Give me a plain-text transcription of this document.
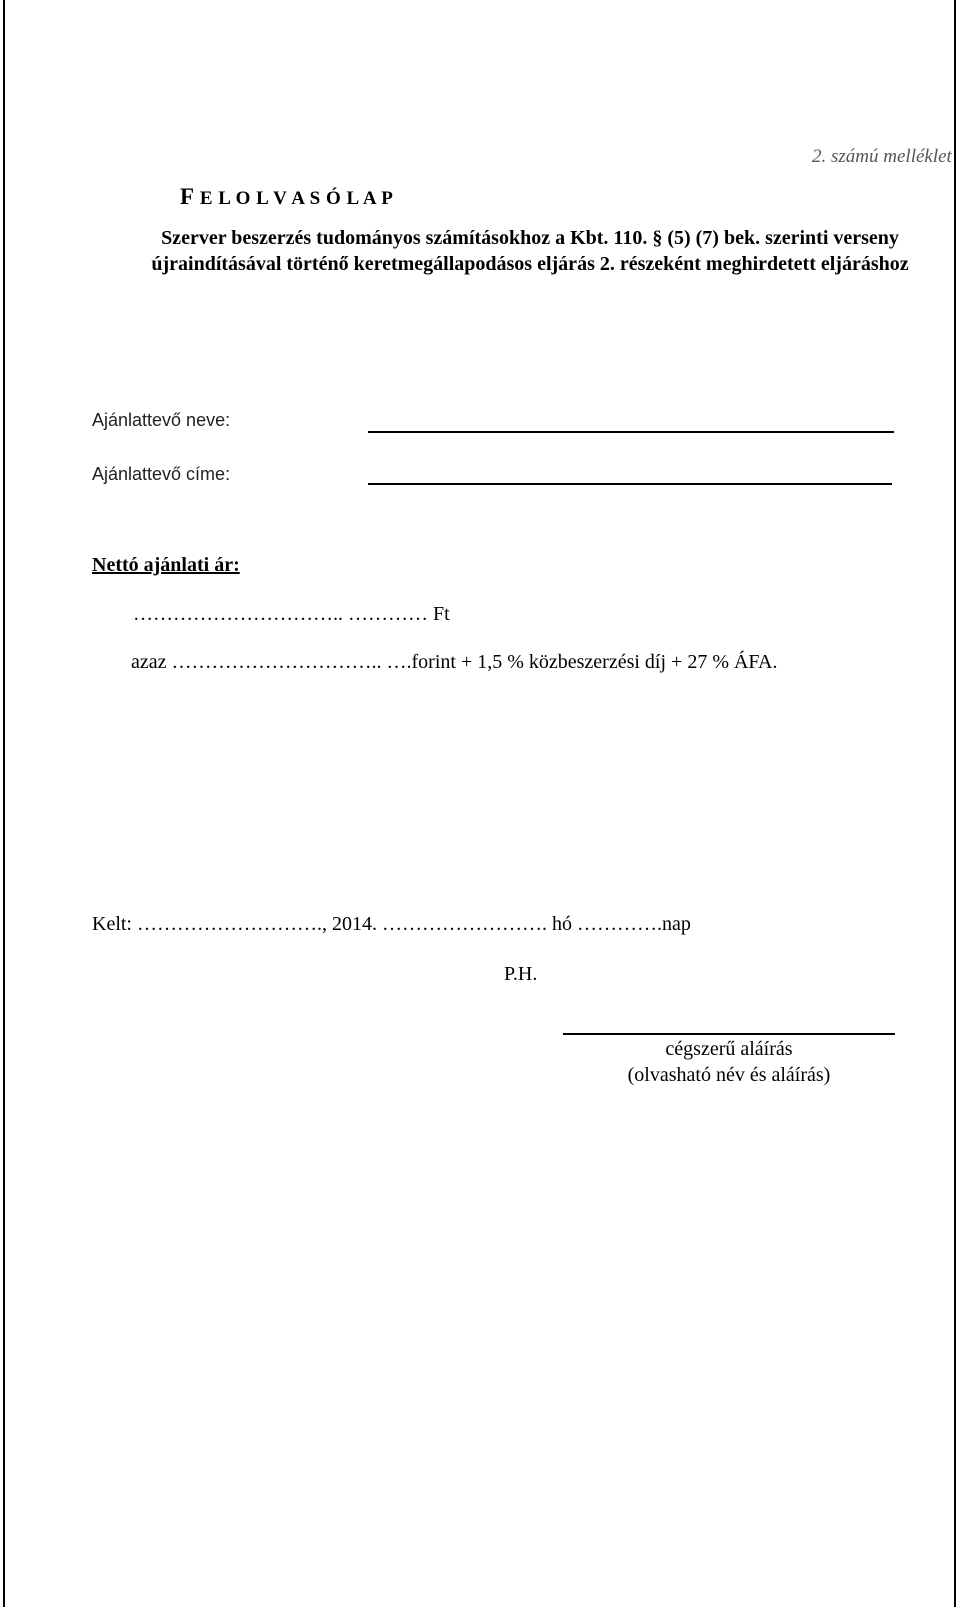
2. számú melléklet
F E L O L V A S Ó L A P
Szerver beszerzés tudományos számításokhoz a Kbt. 110. § (5) (7) bek. szerinti verseny újraindításával történő keretmegállapodásos eljárás 2. részeként meghirdetett eljáráshoz
Ajánlattevő neve:
Ajánlattevő címe:
Nettó ajánlati ár:
………………………….. ………… Ft
azaz ………………………….. ….forint + 1,5 % közbeszerzési díj + 27 % ÁFA.
Kelt: ………………………., 2014. ……………………. hó ………….nap
P.H.
cégszerű aláírás
(olvasható név és aláírás)
